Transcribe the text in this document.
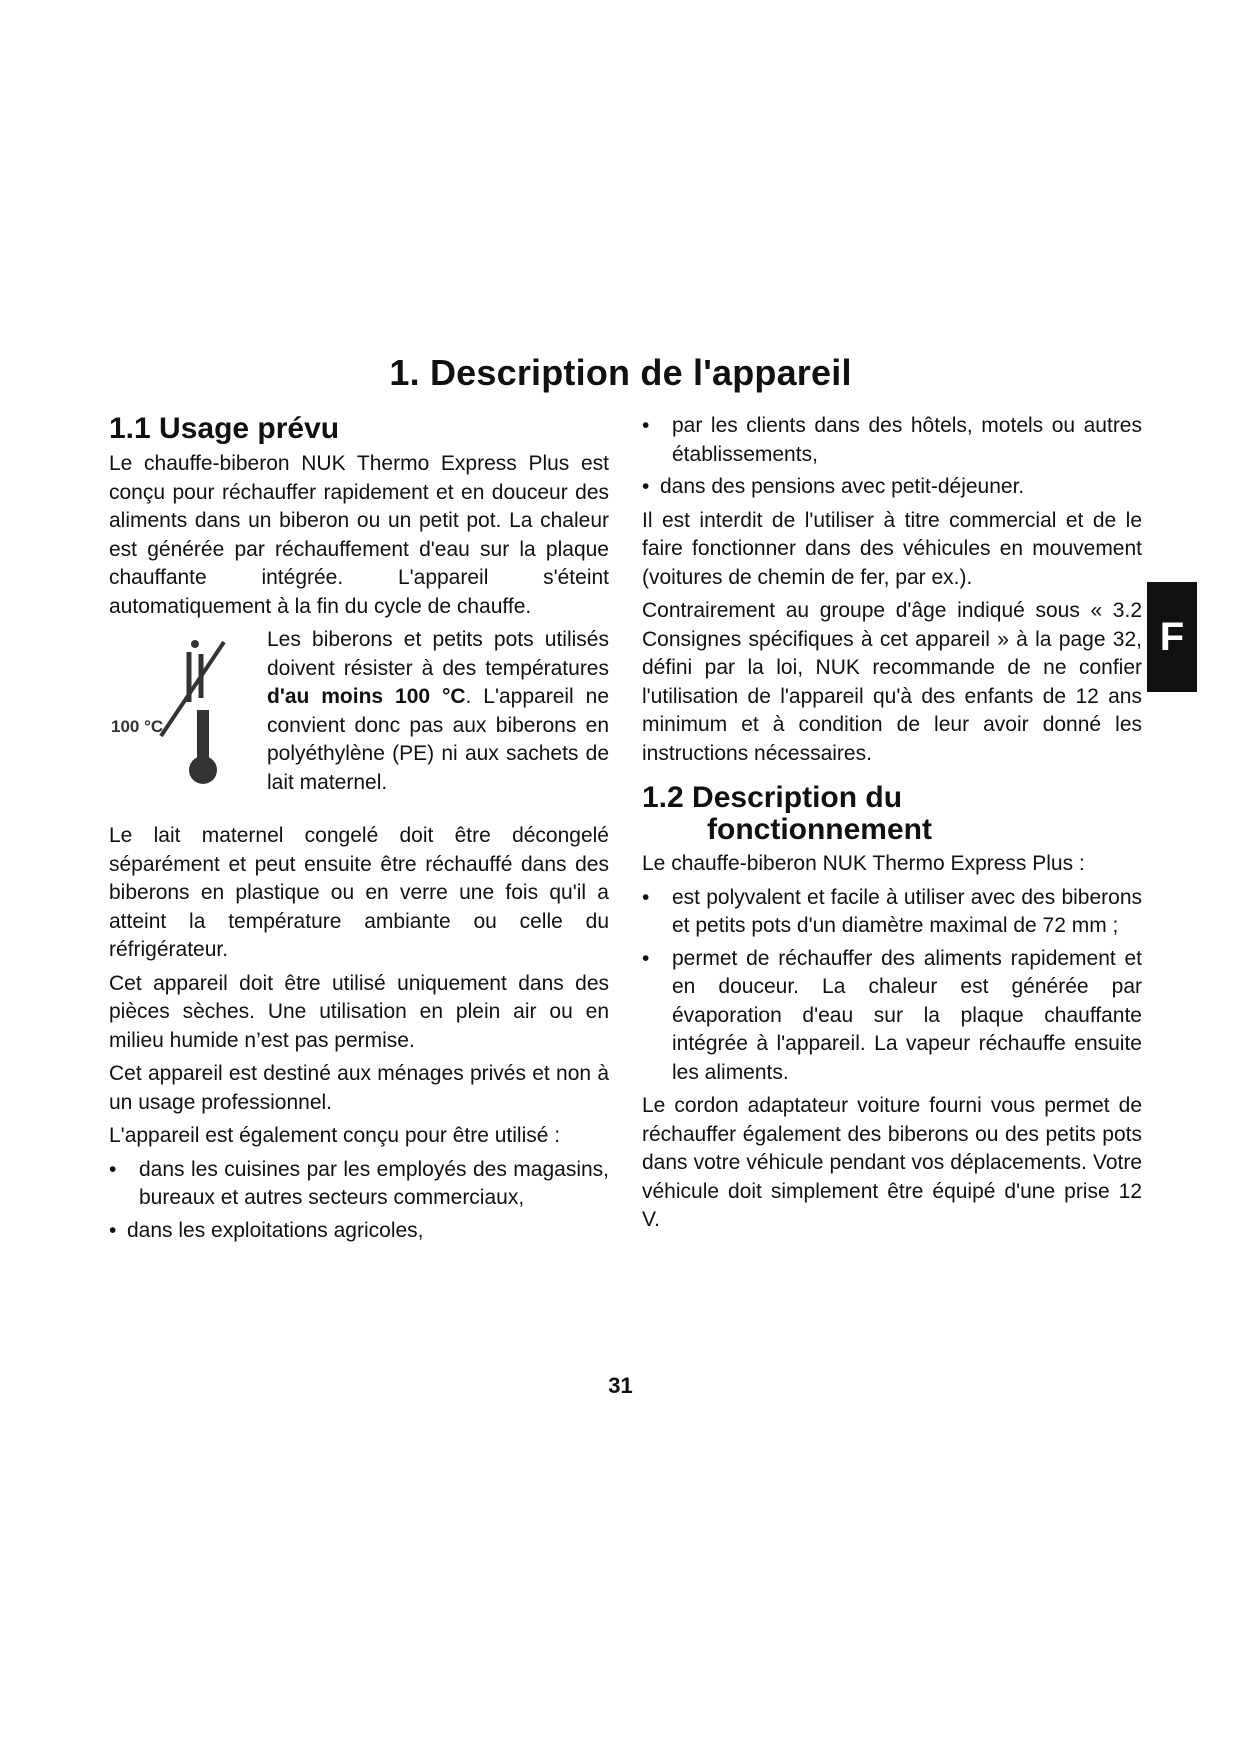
1. Description de l'appareil
1.1 Usage prévu

Le chauffe-biberon NUK Thermo Express Plus est conçu pour réchauffer rapidement et en douceur des aliments dans un biberon ou un petit pot. La chaleur est générée par réchauffement d'eau sur la plaque chauffante intégrée. L'appareil s'éteint automatiquement à la fin du cycle de chauffe.

100 °C
Les biberons et petits pots utilisés doivent résister à des températures d'au moins 100 °C. L'appareil ne convient donc pas aux biberons en polyéthylène (PE) ni aux sachets de lait maternel.

Le lait maternel congelé doit être décongelé séparément et peut ensuite être réchauffé dans des biberons en plastique ou en verre une fois qu'il a atteint la température ambiante ou celle du réfrigérateur.

Cet appareil doit être utilisé uniquement dans des pièces sèches. Une utilisation en plein air ou en milieu humide n’est pas permise.

Cet appareil est destiné aux ménages privés et non à un usage professionnel.

L'appareil est également conçu pour être utilisé :

• dans les cuisines par les employés des magasins, bureaux et autres secteurs commerciaux,
• dans les exploitations agricoles,
• par les clients dans des hôtels, motels ou autres établissements,
• dans des pensions avec petit-déjeuner.

Il est interdit de l'utiliser à titre commercial et de le faire fonctionner dans des véhicules en mouvement (voitures de chemin de fer, par ex.).

Contrairement au groupe d'âge indiqué sous « 3.2 Consignes spécifiques à cet appareil » à la page 32, défini par la loi, NUK recommande de ne confier l'utilisation de l'appareil qu'à des enfants de 12 ans minimum et à condition de leur avoir donné les instructions nécessaires.

1.2 Description du
fonctionnement

Le chauffe-biberon NUK Thermo Express Plus :

• est polyvalent et facile à utiliser avec des biberons et petits pots d'un diamètre maximal de 72 mm ;
• permet de réchauffer des aliments rapidement et en douceur. La chaleur est générée par évaporation d'eau sur la plaque chauffante intégrée à l'appareil. La vapeur réchauffe ensuite les aliments.

Le cordon adaptateur voiture fourni vous permet de réchauffer également des biberons ou des petits pots dans votre véhicule pendant vos déplacements. Votre véhicule doit simplement être équipé d'une prise 12 V.

F
31
